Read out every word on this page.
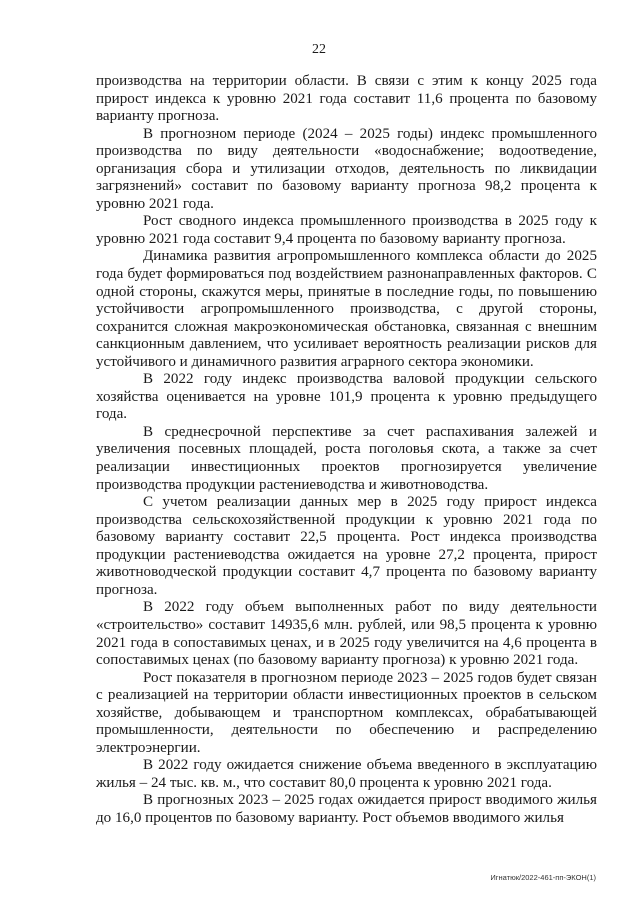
22

производства на территории области. В связи с этим к концу 2025 года прирост индекса к уровню 2021 года составит 11,6 процента по базовому варианту прогноза.

В прогнозном периоде (2024 – 2025 годы) индекс промышленного производства по виду деятельности «водоснабжение; водоотведение, организация сбора и утилизации отходов, деятельность по ликвидации загрязнений» составит по базовому варианту прогноза 98,2 процента к уровню 2021 года.

Рост сводного индекса промышленного производства в 2025 году к уровню 2021 года составит 9,4 процента по базовому варианту прогноза.

Динамика развития агропромышленного комплекса области до 2025 года будет формироваться под воздействием разнонаправленных факторов. С одной стороны, скажутся меры, принятые в последние годы, по повышению устойчивости агропромышленного производства, с другой стороны, сохранится сложная макроэкономическая обстановка, связанная с внешним санкционным давлением, что усиливает вероятность реализации рисков для устойчивого и динамичного развития аграрного сектора экономики.

В 2022 году индекс производства валовой продукции сельского хозяйства оценивается на уровне 101,9 процента к уровню предыдущего года.

В среднесрочной перспективе за счет распахивания залежей и увеличения посевных площадей, роста поголовья скота, а также за счет реализации инвестиционных проектов прогнозируется увеличение производства продукции растениеводства и животноводства.

С учетом реализации данных мер в 2025 году прирост индекса производства сельскохозяйственной продукции к уровню 2021 года по базовому варианту составит 22,5 процента. Рост индекса производства продукции растениеводства ожидается на уровне 27,2 процента, прирост животноводческой продукции составит 4,7 процента по базовому варианту прогноза.

В 2022 году объем выполненных работ по виду деятельности «строительство» составит 14935,6 млн. рублей, или 98,5 процента к уровню 2021 года в сопоставимых ценах, и в 2025 году увеличится на 4,6 процента в сопоставимых ценах (по базовому варианту прогноза) к уровню 2021 года.

Рост показателя в прогнозном периоде 2023 – 2025 годов будет связан с реализацией на территории области инвестиционных проектов в сельском хозяйстве, добывающем и транспортном комплексах, обрабатывающей промышленности, деятельности по обеспечению и распределению электроэнергии.

В 2022 году ожидается снижение объема введенного в эксплуатацию жилья – 24 тыс. кв. м., что составит 80,0 процента к уровню 2021 года.

В прогнозных 2023 – 2025 годах ожидается прирост вводимого жилья до 16,0 процентов по базовому варианту. Рост объемов вводимого жилья

Игнатюк/2022-461-пп-ЭКОН(1)
